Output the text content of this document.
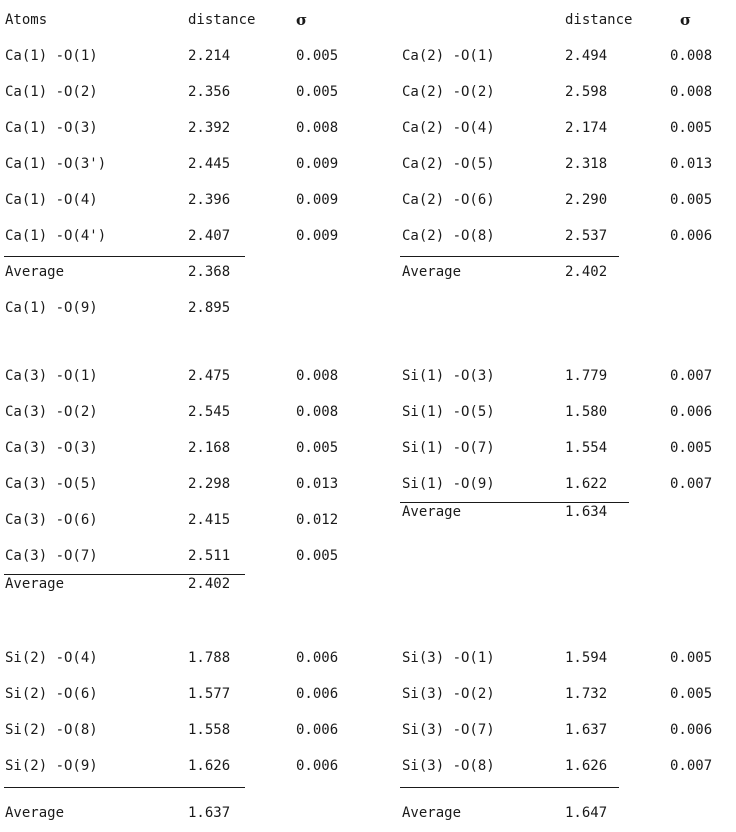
Atoms	distance	σ	distance	σ
Ca(1) -O(1)	2.214	0.005
Ca(1) -O(2)	2.356	0.005
Ca(1) -O(3)	2.392	0.008
Ca(1) -O(3')	2.445	0.009
Ca(1) -O(4)	2.396	0.009
Ca(1) -O(4')	2.407	0.009
Average	2.368
Ca(1) -O(9)	2.895
Ca(2) -O(1)	2.494	0.008
Ca(2) -O(2)	2.598	0.008
Ca(2) -O(4)	2.174	0.005
Ca(2) -O(5)	2.318	0.013
Ca(2) -O(6)	2.290	0.005
Ca(2) -O(8)	2.537	0.006
Average	2.402
Ca(3) -O(1)	2.475	0.008
Ca(3) -O(2)	2.545	0.008
Ca(3) -O(3)	2.168	0.005
Ca(3) -O(5)	2.298	0.013
Ca(3) -O(6)	2.415	0.012
Ca(3) -O(7)	2.511	0.005
Average	2.402
Si(1) -O(3)	1.779	0.007
Si(1) -O(5)	1.580	0.006
Si(1) -O(7)	1.554	0.005
Si(1) -O(9)	1.622	0.007
Average	1.634
Si(2) -O(4)	1.788	0.006
Si(2) -O(6)	1.577	0.006
Si(2) -O(8)	1.558	0.006
Si(2) -O(9)	1.626	0.006
Average	1.637
Si(3) -O(1)	1.594	0.005
Si(3) -O(2)	1.732	0.005
Si(3) -O(7)	1.637	0.006
Si(3) -O(8)	1.626	0.007
Average	1.647
